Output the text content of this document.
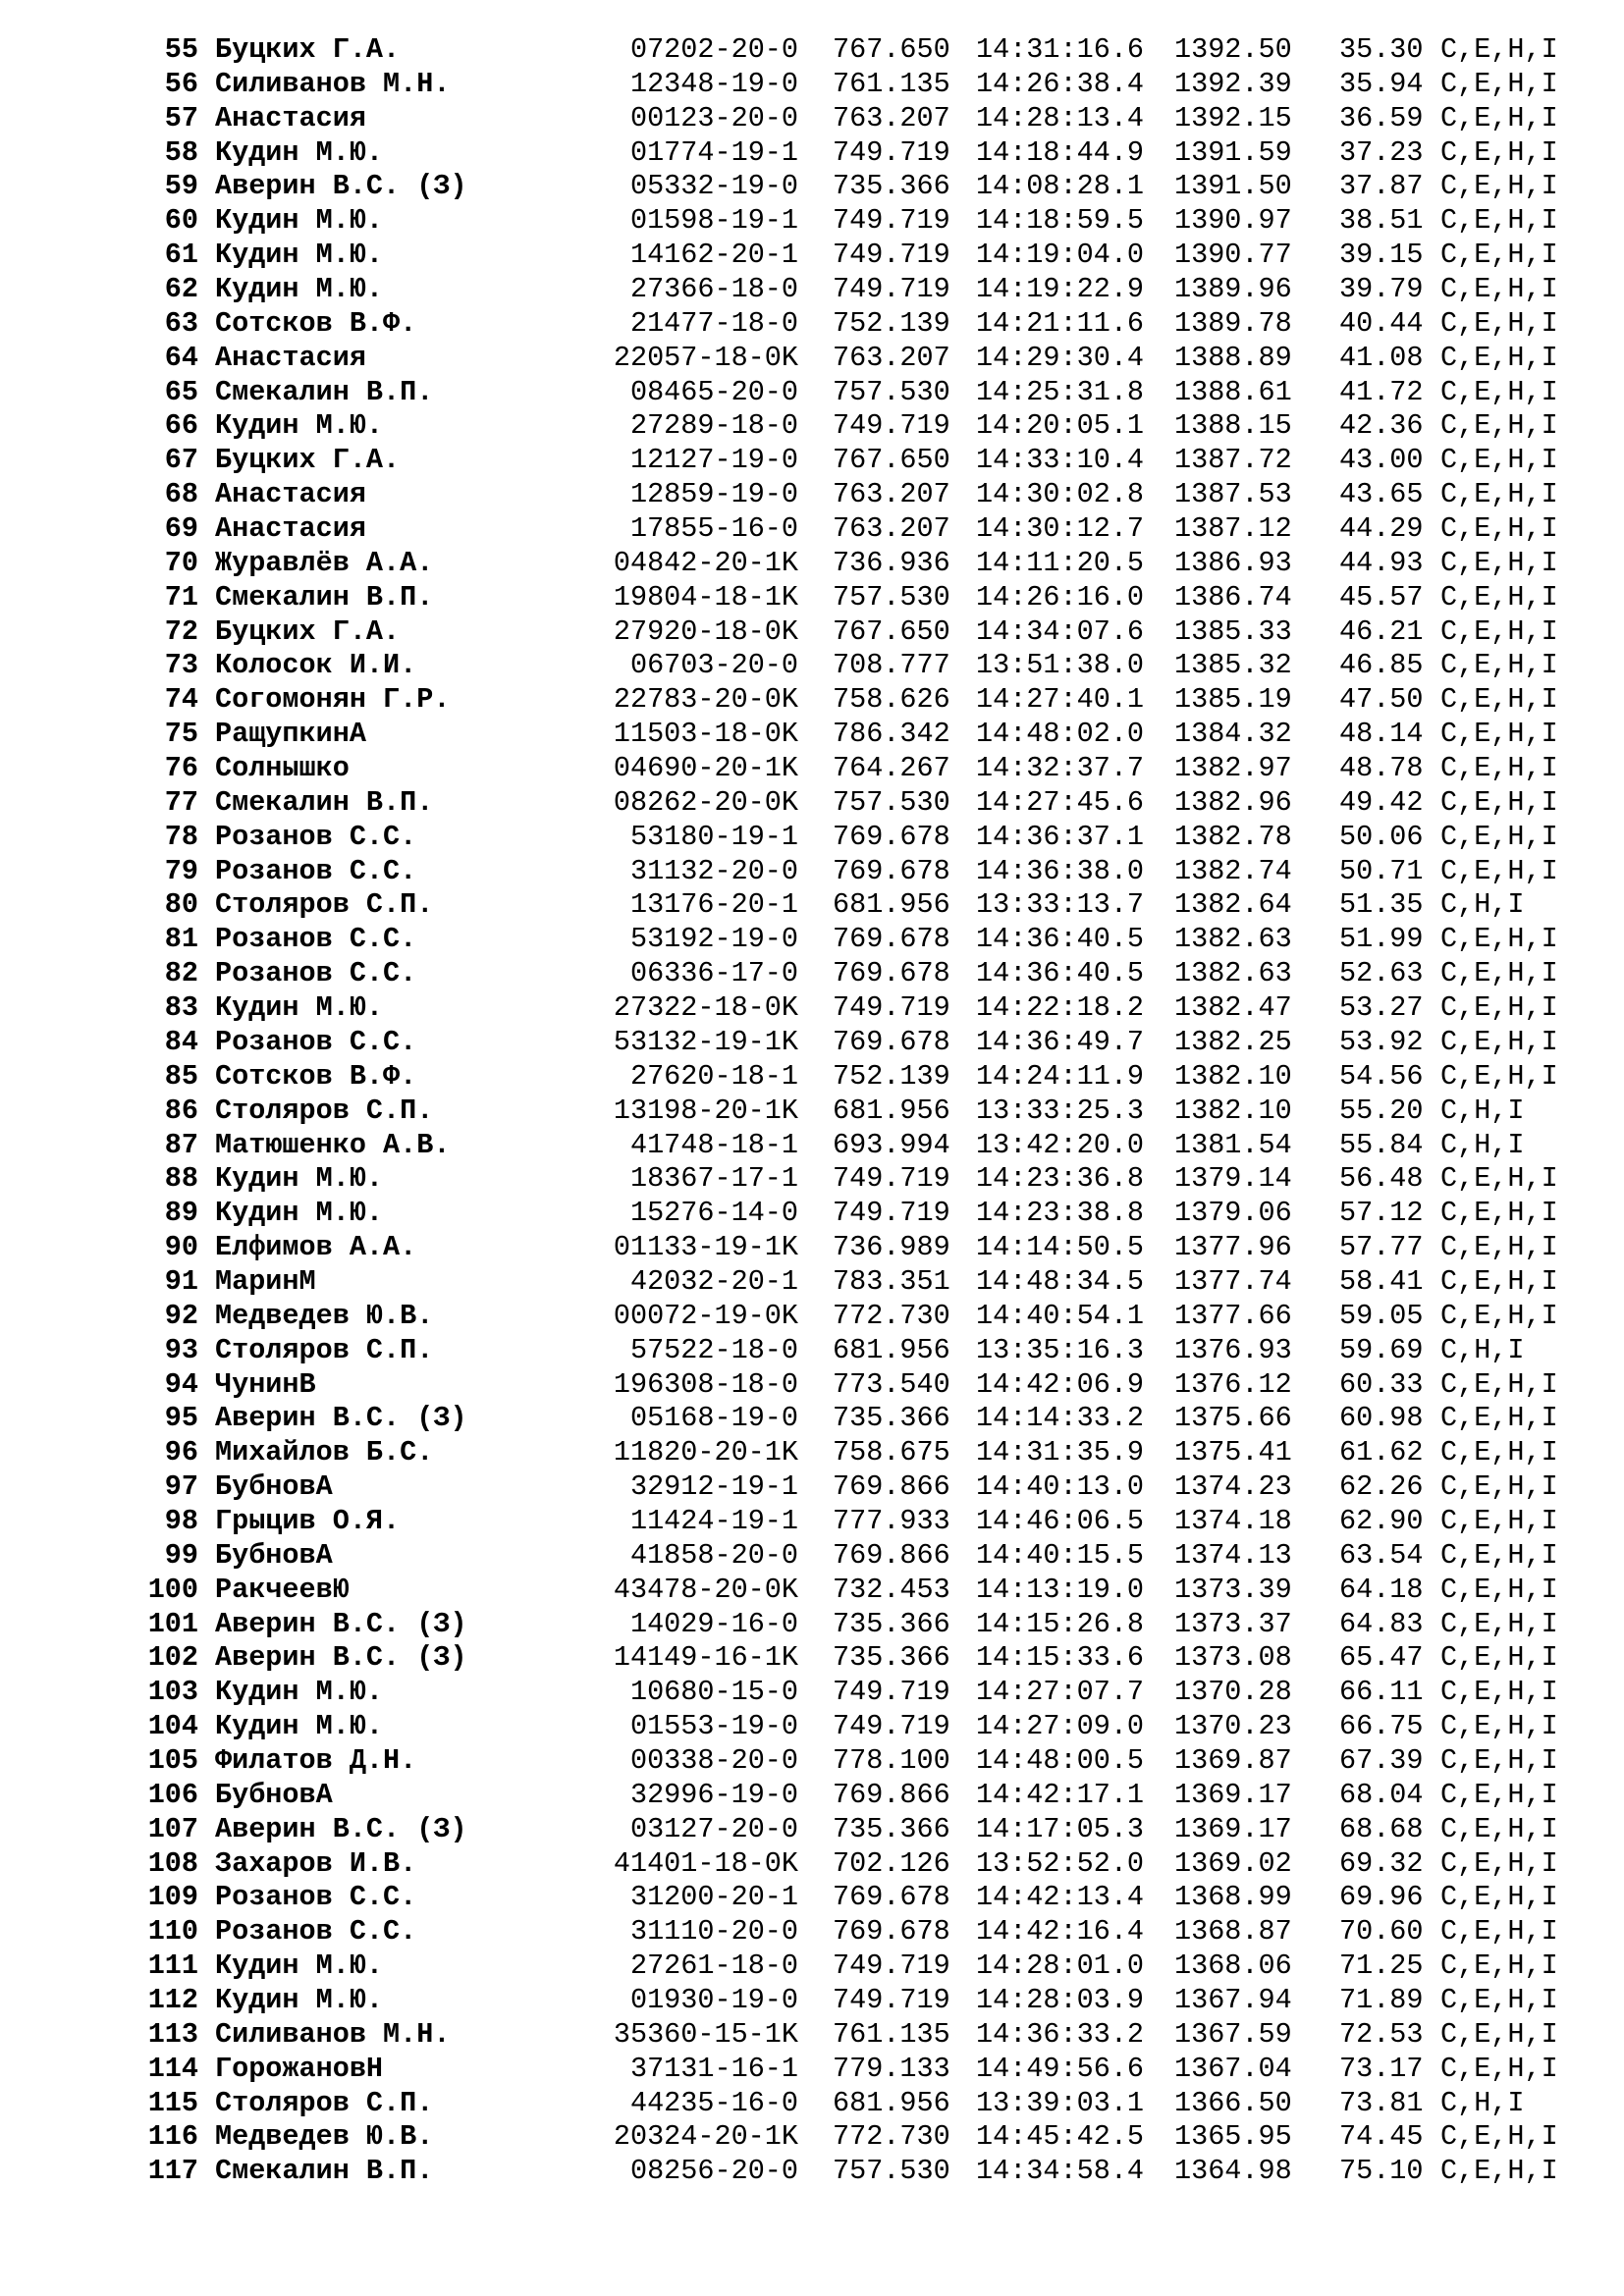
55 Буцких Г.А.	07202-20-0 767.650 14:31:16.6 1392.50 35.30 C,E,H,I
56 Силиванов М.Н.	12348-19-0 761.135 14:26:38.4 1392.39 35.94 C,E,H,I
57 Анастасия	00123-20-0 763.207 14:28:13.4 1392.15 36.59 C,E,H,I
58 Кудин М.Ю.	01774-19-1 749.719 14:18:44.9 1391.59 37.23 C,E,H,I
59 Аверин В.С. (З)	05332-19-0 735.366 14:08:28.1 1391.50 37.87 C,E,H,I
60 Кудин М.Ю.	01598-19-1 749.719 14:18:59.5 1390.97 38.51 C,E,H,I
61 Кудин М.Ю.	14162-20-1 749.719 14:19:04.0 1390.77 39.15 C,E,H,I
62 Кудин М.Ю.	27366-18-0 749.719 14:19:22.9 1389.96 39.79 C,E,H,I
63 Сотсков В.Ф.	21477-18-0 752.139 14:21:11.6 1389.78 40.44 C,E,H,I
64 Анастасия	22057-18-0K 763.207 14:29:30.4 1388.89 41.08 C,E,H,I
65 Смекалин В.П.	08465-20-0 757.530 14:25:31.8 1388.61 41.72 C,E,H,I
66 Кудин М.Ю.	27289-18-0 749.719 14:20:05.1 1388.15 42.36 C,E,H,I
67 Буцких Г.А.	12127-19-0 767.650 14:33:10.4 1387.72 43.00 C,E,H,I
68 Анастасия	12859-19-0 763.207 14:30:02.8 1387.53 43.65 C,E,H,I
69 Анастасия	17855-16-0 763.207 14:30:12.7 1387.12 44.29 C,E,H,I
70 Журавлёв А.А.	04842-20-1K 736.936 14:11:20.5 1386.93 44.93 C,E,H,I
71 Смекалин В.П.	19804-18-1K 757.530 14:26:16.0 1386.74 45.57 C,E,H,I
72 Буцких Г.А.	27920-18-0K 767.650 14:34:07.6 1385.33 46.21 C,E,H,I
73 Колосок И.И.	06703-20-0 708.777 13:51:38.0 1385.32 46.85 C,E,H,I
74 Согомонян Г.Р.	22783-20-0K 758.626 14:27:40.1 1385.19 47.50 C,E,H,I
75 РащупкинА	11503-18-0K 786.342 14:48:02.0 1384.32 48.14 C,E,H,I
76 Солнышко	04690-20-1K 764.267 14:32:37.7 1382.97 48.78 C,E,H,I
77 Смекалин В.П.	08262-20-0K 757.530 14:27:45.6 1382.96 49.42 C,E,H,I
78 Розанов С.С.	53180-19-1 769.678 14:36:37.1 1382.78 50.06 C,E,H,I
79 Розанов С.С.	31132-20-0 769.678 14:36:38.0 1382.74 50.71 C,E,H,I
80 Столяров С.П.	13176-20-1 681.956 13:33:13.7 1382.64 51.35 C,H,I
81 Розанов С.С.	53192-19-0 769.678 14:36:40.5 1382.63 51.99 C,E,H,I
82 Розанов С.С.	06336-17-0 769.678 14:36:40.5 1382.63 52.63 C,E,H,I
83 Кудин М.Ю.	27322-18-0K 749.719 14:22:18.2 1382.47 53.27 C,E,H,I
84 Розанов С.С.	53132-19-1K 769.678 14:36:49.7 1382.25 53.92 C,E,H,I
85 Сотсков В.Ф.	27620-18-1 752.139 14:24:11.9 1382.10 54.56 C,E,H,I
86 Столяров С.П.	13198-20-1K 681.956 13:33:25.3 1382.10 55.20 C,H,I
87 Матюшенко А.В.	41748-18-1 693.994 13:42:20.0 1381.54 55.84 C,H,I
88 Кудин М.Ю.	18367-17-1 749.719 14:23:36.8 1379.14 56.48 C,E,H,I
89 Кудин М.Ю.	15276-14-0 749.719 14:23:38.8 1379.06 57.12 C,E,H,I
90 Елфимов А.А.	01133-19-1K 736.989 14:14:50.5 1377.96 57.77 C,E,H,I
91 МаринМ	42032-20-1 783.351 14:48:34.5 1377.74 58.41 C,E,H,I
92 Медведев Ю.В.	00072-19-0K 772.730 14:40:54.1 1377.66 59.05 C,E,H,I
93 Столяров С.П.	57522-18-0 681.956 13:35:16.3 1376.93 59.69 C,H,I
94 ЧунинВ	196308-18-0 773.540 14:42:06.9 1376.12 60.33 C,E,H,I
95 Аверин В.С. (З)	05168-19-0 735.366 14:14:33.2 1375.66 60.98 C,E,H,I
96 Михайлов Б.С.	11820-20-1K 758.675 14:31:35.9 1375.41 61.62 C,E,H,I
97 БубновА	32912-19-1 769.866 14:40:13.0 1374.23 62.26 C,E,H,I
98 Грыцив О.Я.	11424-19-1 777.933 14:46:06.5 1374.18 62.90 C,E,H,I
99 БубновА	41858-20-0 769.866 14:40:15.5 1374.13 63.54 C,E,H,I
100 РакчеевЮ	43478-20-0K 732.453 14:13:19.0 1373.39 64.18 C,E,H,I
101 Аверин В.С. (З)	14029-16-0 735.366 14:15:26.8 1373.37 64.83 C,E,H,I
102 Аверин В.С. (З)	14149-16-1K 735.366 14:15:33.6 1373.08 65.47 C,E,H,I
103 Кудин М.Ю.	10680-15-0 749.719 14:27:07.7 1370.28 66.11 C,E,H,I
104 Кудин М.Ю.	01553-19-0 749.719 14:27:09.0 1370.23 66.75 C,E,H,I
105 Филатов Д.Н.	00338-20-0 778.100 14:48:00.5 1369.87 67.39 C,E,H,I
106 БубновА	32996-19-0 769.866 14:42:17.1 1369.17 68.04 C,E,H,I
107 Аверин В.С. (З)	03127-20-0 735.366 14:17:05.3 1369.17 68.68 C,E,H,I
108 Захаров И.В.	41401-18-0K 702.126 13:52:52.0 1369.02 69.32 C,E,H,I
109 Розанов С.С.	31200-20-1 769.678 14:42:13.4 1368.99 69.96 C,E,H,I
110 Розанов С.С.	31110-20-0 769.678 14:42:16.4 1368.87 70.60 C,E,H,I
111 Кудин М.Ю.	27261-18-0 749.719 14:28:01.0 1368.06 71.25 C,E,H,I
112 Кудин М.Ю.	01930-19-0 749.719 14:28:03.9 1367.94 71.89 C,E,H,I
113 Силиванов М.Н.	35360-15-1K 761.135 14:36:33.2 1367.59 72.53 C,E,H,I
114 ГорожановН	37131-16-1 779.133 14:49:56.6 1367.04 73.17 C,E,H,I
115 Столяров С.П.	44235-16-0 681.956 13:39:03.1 1366.50 73.81 C,H,I
116 Медведев Ю.В.	20324-20-1K 772.730 14:45:42.5 1365.95 74.45 C,E,H,I
117 Смекалин В.П.	08256-20-0 757.530 14:34:58.4 1364.98 75.10 C,E,H,I
